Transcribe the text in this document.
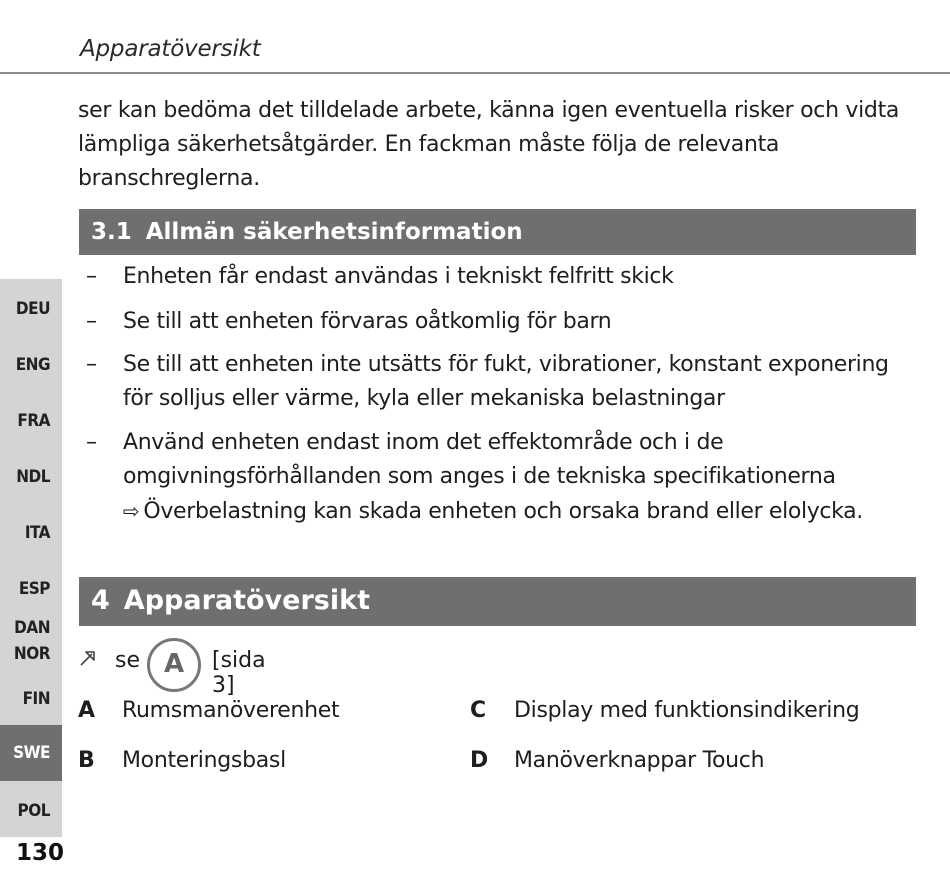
Apparatöversikt
ser kan bedöma det tilldelade arbete, känna igen eventuella risker och vidta lämpliga säkerhetsåtgärder. En fackman måste följa de relevanta branschreglerna.
3.1 Allmän säkerhetsinformation
– Enheten får endast användas i tekniskt felfritt skick
– Se till att enheten förvaras oåtkomlig för barn
– Se till att enheten inte utsätts för fukt, vibrationer, konstant exponering för solljus eller värme, kyla eller mekaniska belastningar
– Använd enheten endast inom det effektområde och i de omgivningsförhållanden som anges i de tekniska specifikationerna
⇨ Överbelastning kan skada enheten och orsaka brand eller elolycka.
4 Apparatöversikt
se A	[sida 3]
A Rumsmanöverenhet
B Monteringsbasl
C Display med funktionsindikering
D Manöverknappar Touch
DEU
ENG
FRA
NDL
ITA
ESP
DAN
NOR
FIN
SWE
POL
130
